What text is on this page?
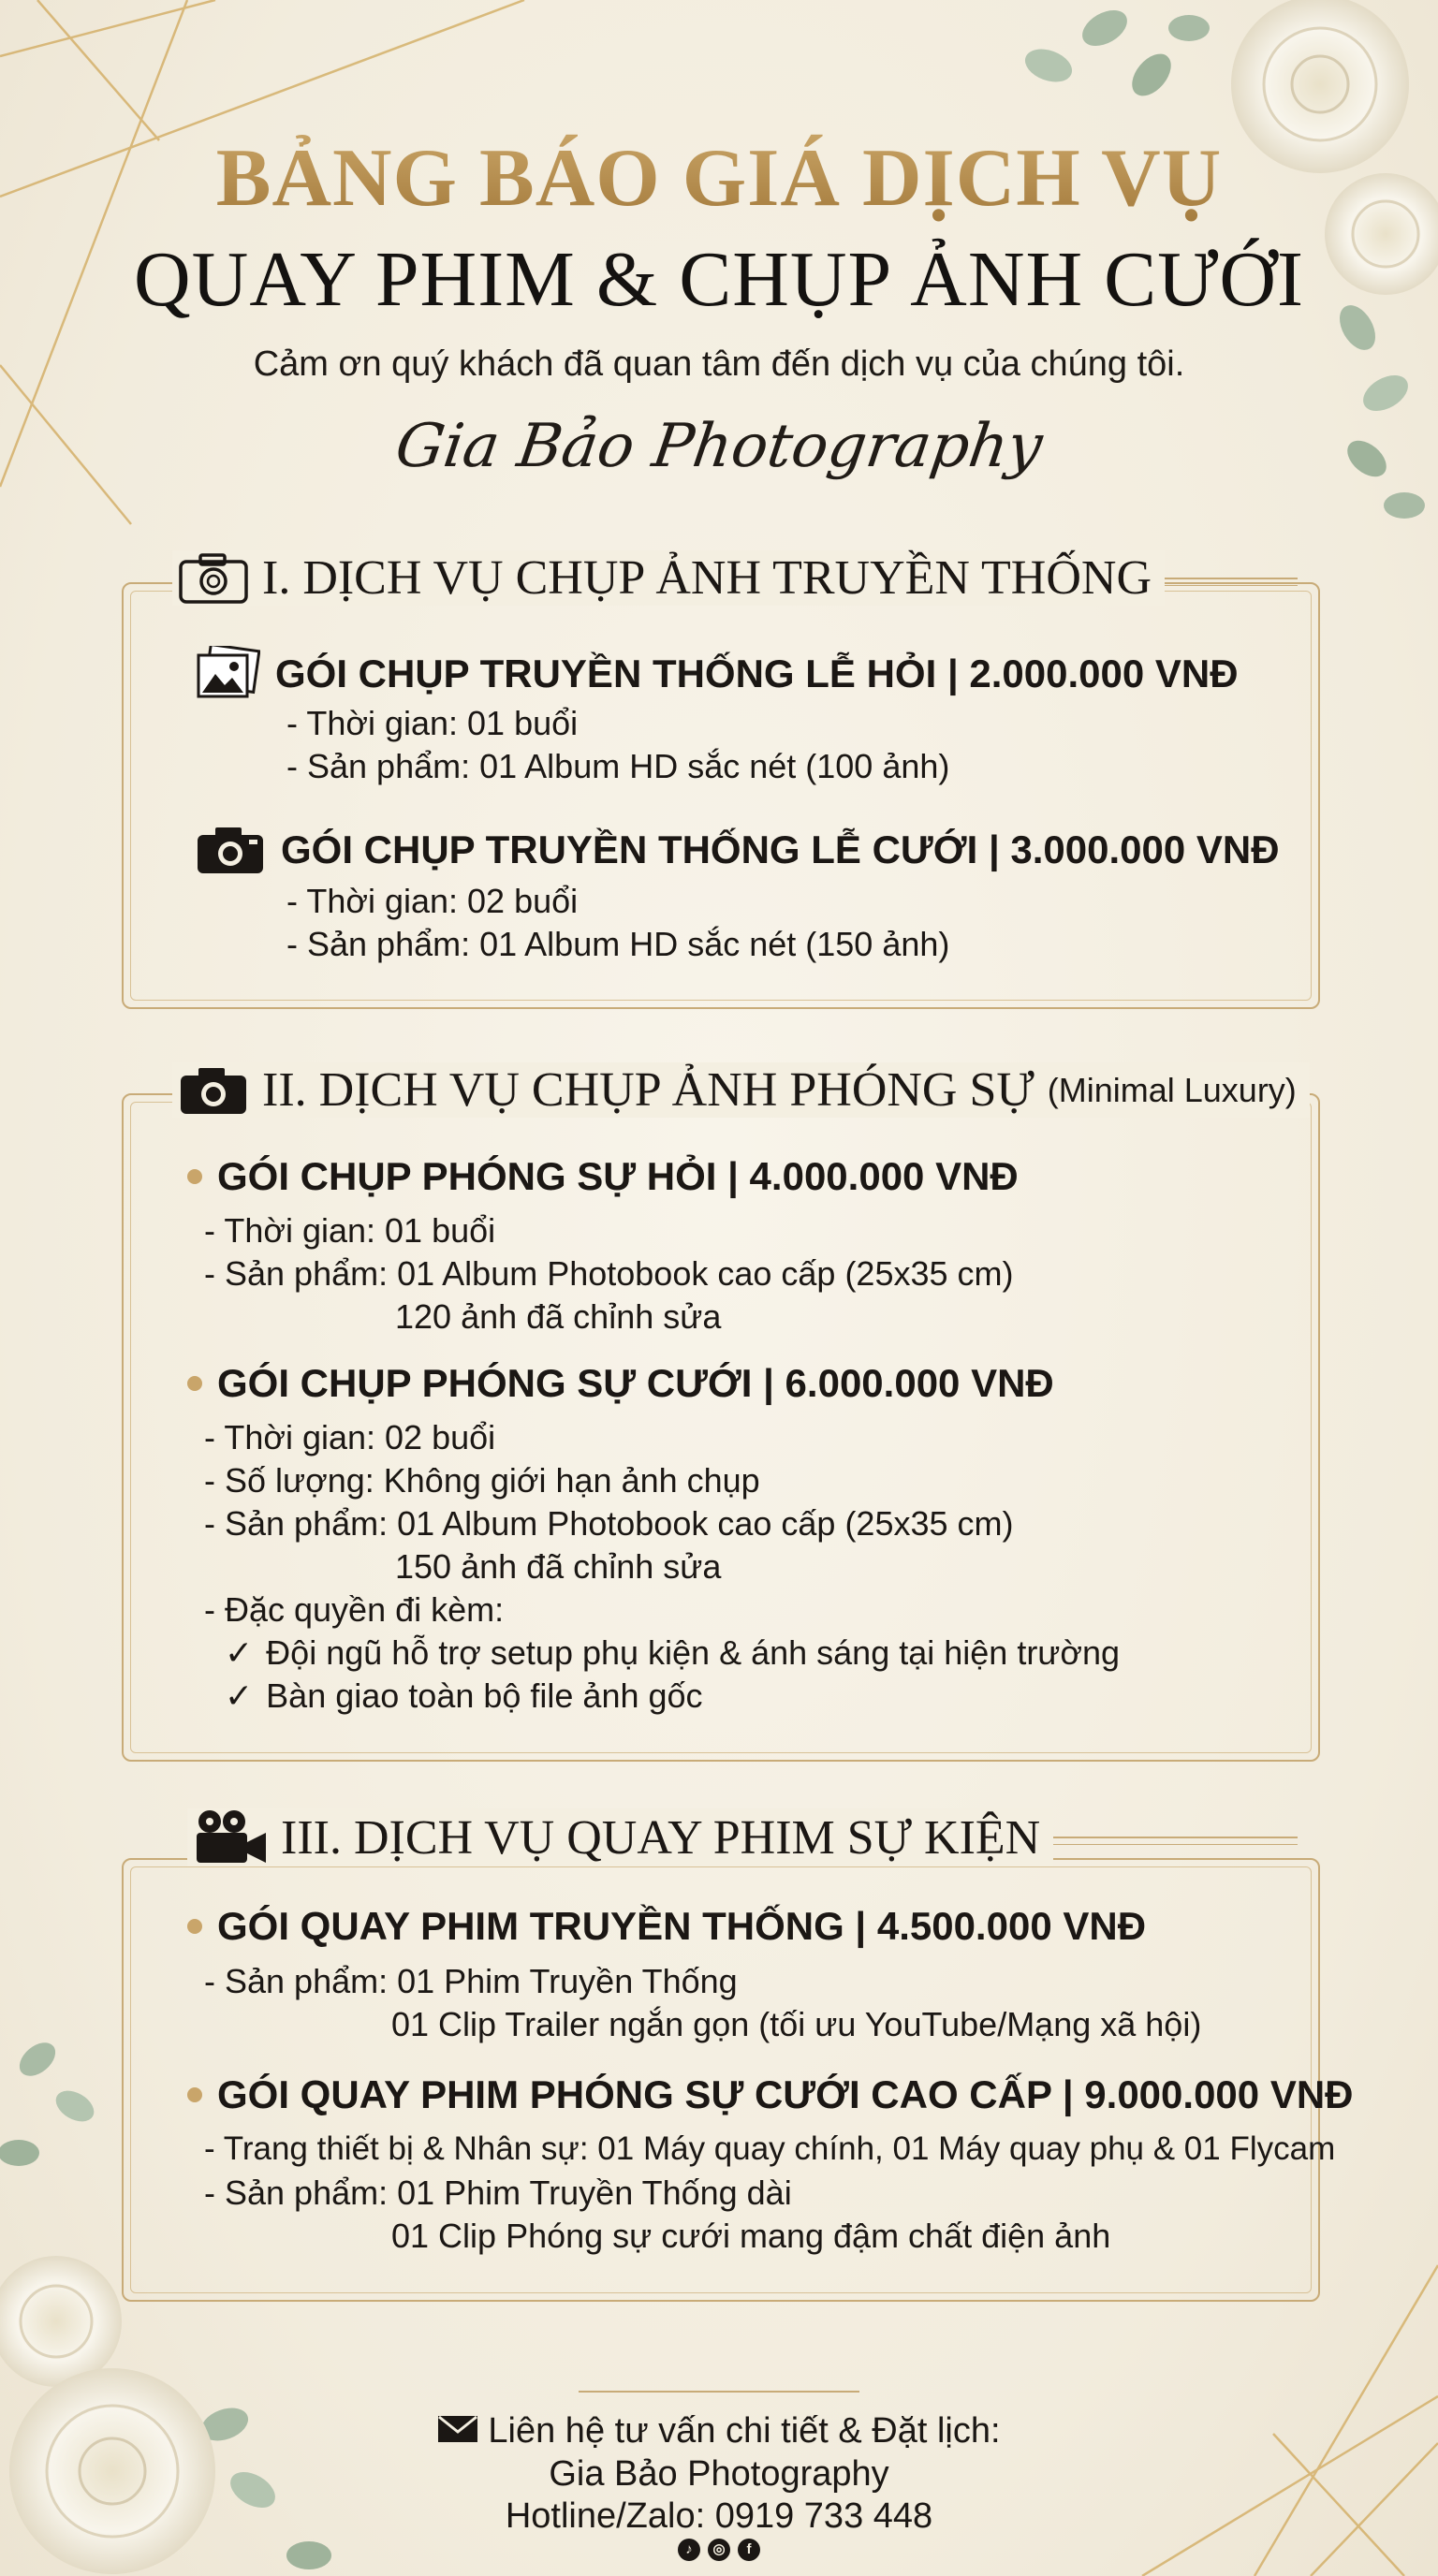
BẢNG BÁO GIÁ DỊCH VỤ
QUAY PHIM & CHỤP ẢNH CƯỚI
Cảm ơn quý khách đã quan tâm đến dịch vụ của chúng tôi.
Gia Bảo Photography
I. DỊCH VỤ CHỤP ẢNH TRUYỀN THỐNG
GÓI CHỤP TRUYỀN THỐNG LỄ HỎI | 2.000.000 VNĐ
- Thời gian: 01 buổi
- Sản phẩm: 01 Album HD sắc nét (100 ảnh)
GÓI CHỤP TRUYỀN THỐNG LỄ CƯỚI | 3.000.000 VNĐ
- Thời gian: 02 buổi
- Sản phẩm: 01 Album HD sắc nét (150 ảnh)
II. DỊCH VỤ CHỤP ẢNH PHÓNG SỰ (Minimal Luxury)
GÓI CHỤP PHÓNG SỰ HỎI | 4.000.000 VNĐ
- Thời gian: 01 buổi
- Sản phẩm: 01 Album Photobook cao cấp (25x35 cm)
120 ảnh đã chỉnh sửa
GÓI CHỤP PHÓNG SỰ CƯỚI | 6.000.000 VNĐ
- Thời gian: 02 buổi
- Số lượng: Không giới hạn ảnh chụp
- Sản phẩm: 01 Album Photobook cao cấp (25x35 cm)
150 ảnh đã chỉnh sửa
- Đặc quyền đi kèm:
✓ Đội ngũ hỗ trợ setup phụ kiện & ánh sáng tại hiện trường
✓ Bàn giao toàn bộ file ảnh gốc
III. DỊCH VỤ QUAY PHIM SỰ KIỆN
GÓI QUAY PHIM TRUYỀN THỐNG | 4.500.000 VNĐ
- Sản phẩm: 01 Phim Truyền Thống
01 Clip Trailer ngắn gọn (tối ưu YouTube/Mạng xã hội)
GÓI QUAY PHIM PHÓNG SỰ CƯỚI CAO CẤP | 9.000.000 VNĐ
- Trang thiết bị & Nhân sự: 01 Máy quay chính, 01 Máy quay phụ & 01 Flycam
- Sản phẩm: 01 Phim Truyền Thống dài
01 Clip Phóng sự cưới mang đậm chất điện ảnh
Liên hệ tư vấn chi tiết & Đặt lịch:
Gia Bảo Photography
Hotline/Zalo: 0919 733 448
♪	◎	f
